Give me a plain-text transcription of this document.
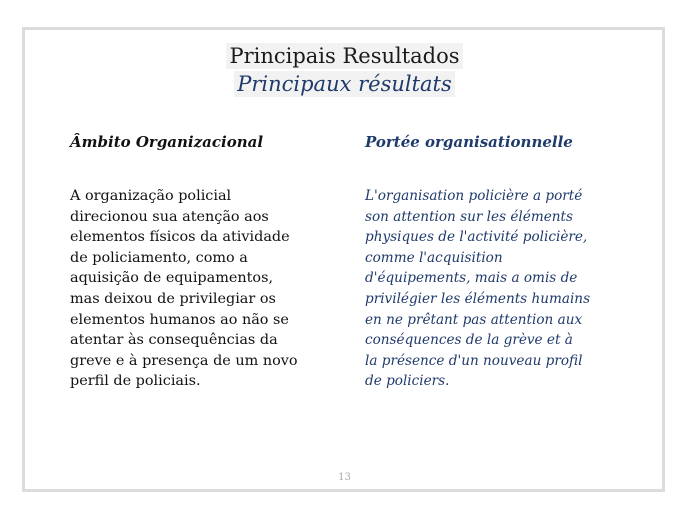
Principais Resultados
Principaux résultats
Âmbito Organizacional	Portée organisationnelle

A organização policial
direcionou sua atenção aos
elementos físicos da atividade
de policiamento, como a
aquisição de equipamentos,
mas deixou de privilegiar os
elementos humanos ao não se
atentar às consequências da
greve e à presença de um novo
perfil de policiais.

L'organisation policière a porté
son attention sur les éléments
physiques de l'activité policière,
comme l'acquisition
d'équipements, mais a omis de
privilégier les éléments humains
en ne prêtant pas attention aux
conséquences de la grève et à
la présence d'un nouveau profil
de policiers.

13
